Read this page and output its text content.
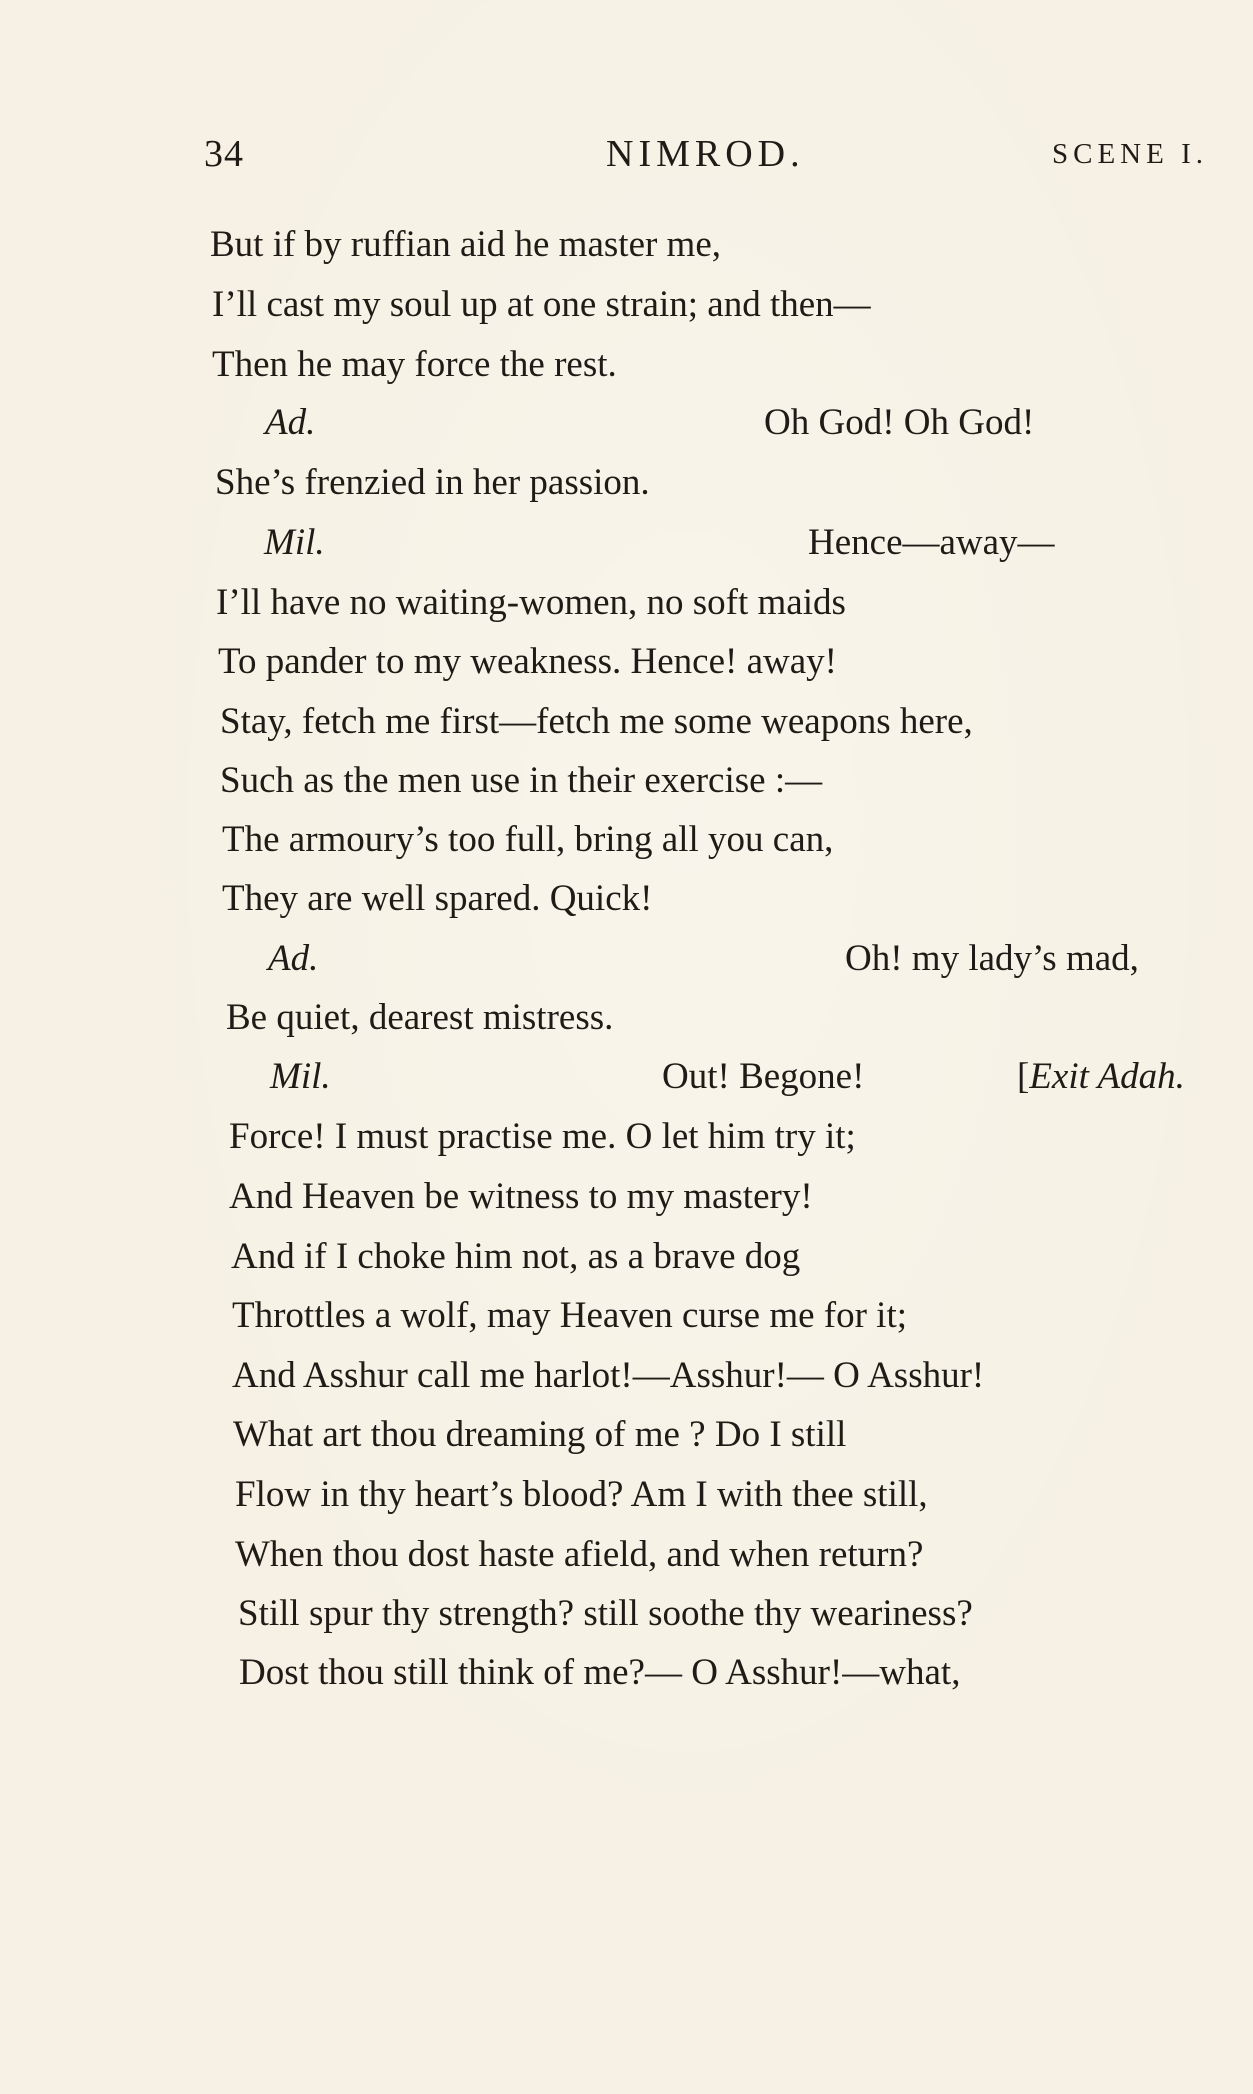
34	NIMROD.	SCENE I.
But if by ruffian aid he master me,
I’ll cast my soul up at one strain; and then—
Then he may force the rest.
Ad.	Oh God! Oh God!
She’s frenzied in her passion.
Mil.	Hence—away—
I’ll have no waiting-women, no soft maids
To pander to my weakness. Hence! away!
Stay, fetch me first—fetch me some weapons here,
Such as the men use in their exercise :—
The armoury’s too full, bring all you can,
They are well spared. Quick!
Ad.	Oh! my lady’s mad,
Be quiet, dearest mistress.
Mil.	Out! Begone!	[Exit Adah.
Force! I must practise me. O let him try it;
And Heaven be witness to my mastery!
And if I choke him not, as a brave dog
Throttles a wolf, may Heaven curse me for it;
And Asshur call me harlot!—Asshur!— O Asshur!
What art thou dreaming of me ? Do I still
Flow in thy heart’s blood? Am I with thee still,
When thou dost haste afield, and when return?
Still spur thy strength? still soothe thy weariness?
Dost thou still think of me?— O Asshur!—what,
